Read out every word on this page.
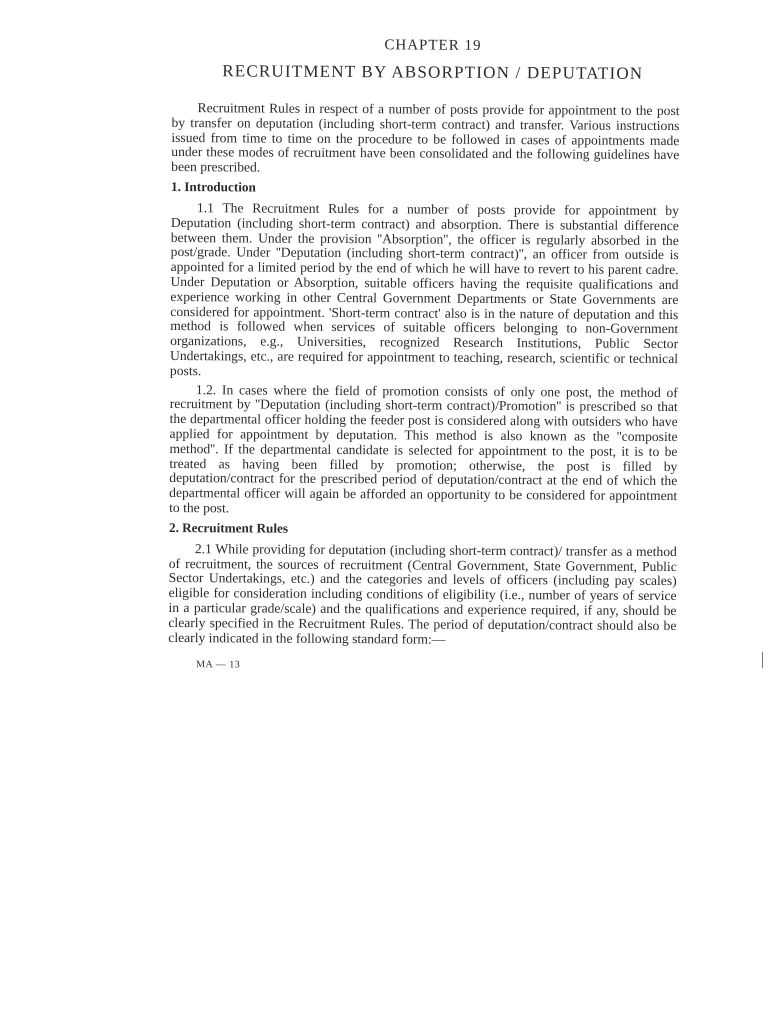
CHAPTER 19
RECRUITMENT BY ABSORPTION / DEPUTATION

Recruitment Rules in respect of a number of posts provide for appointment to the post by transfer on deputation (including short-term contract) and transfer. Various instructions issued from time to time on the procedure to be followed in cases of appointments made under these modes of recruitment have been consolidated and the following guidelines have been prescribed.

1. Introduction

1.1 The Recruitment Rules for a number of posts provide for appointment by Deputation (including short-term contract) and absorption. There is substantial difference between them. Under the provision ''Absorption'', the officer is regularly absorbed in the post/grade. Under ''Deputation (including short-term contract)'', an officer from outside is appointed for a limited period by the end of which he will have to revert to his parent cadre. Under Deputation or Absorption, suitable officers having the requisite qualifications and experience working in other Central Government Departments or State Governments are considered for appointment. 'Short-term contract' also is in the nature of deputation and this method is followed when services of suitable officers belonging to non-Government organizations, e.g., Universities, recognized Research Institutions, Public Sector Undertakings, etc., are required for appointment to teaching, research, scientific or technical posts.

1.2. In cases where the field of promotion consists of only one post, the method of recruitment by ''Deputation (including short-term contract)/Promotion'' is prescribed so that the departmental officer holding the feeder post is considered along with outsiders who have applied for appointment by deputation. This method is also known as the ''composite method''. If the departmental candidate is selected for appointment to the post, it is to be treated as having been filled by promotion; otherwise, the post is filled by deputation/contract for the prescribed period of deputation/contract at the end of which the departmental officer will again be afforded an opportunity to be considered for appointment to the post.

2. Recruitment Rules

2.1 While providing for deputation (including short-term contract)/ transfer as a method of recruitment, the sources of recruitment (Central Government, State Government, Public Sector Undertakings, etc.) and the categories and levels of officers (including pay scales) eligible for consideration including conditions of eligibility (i.e., number of years of service in a particular grade/scale) and the qualifications and experience required, if any, should be clearly specified in the Recruitment Rules. The period of deputation/contract should also be clearly indicated in the following standard form:—

MA — 13
